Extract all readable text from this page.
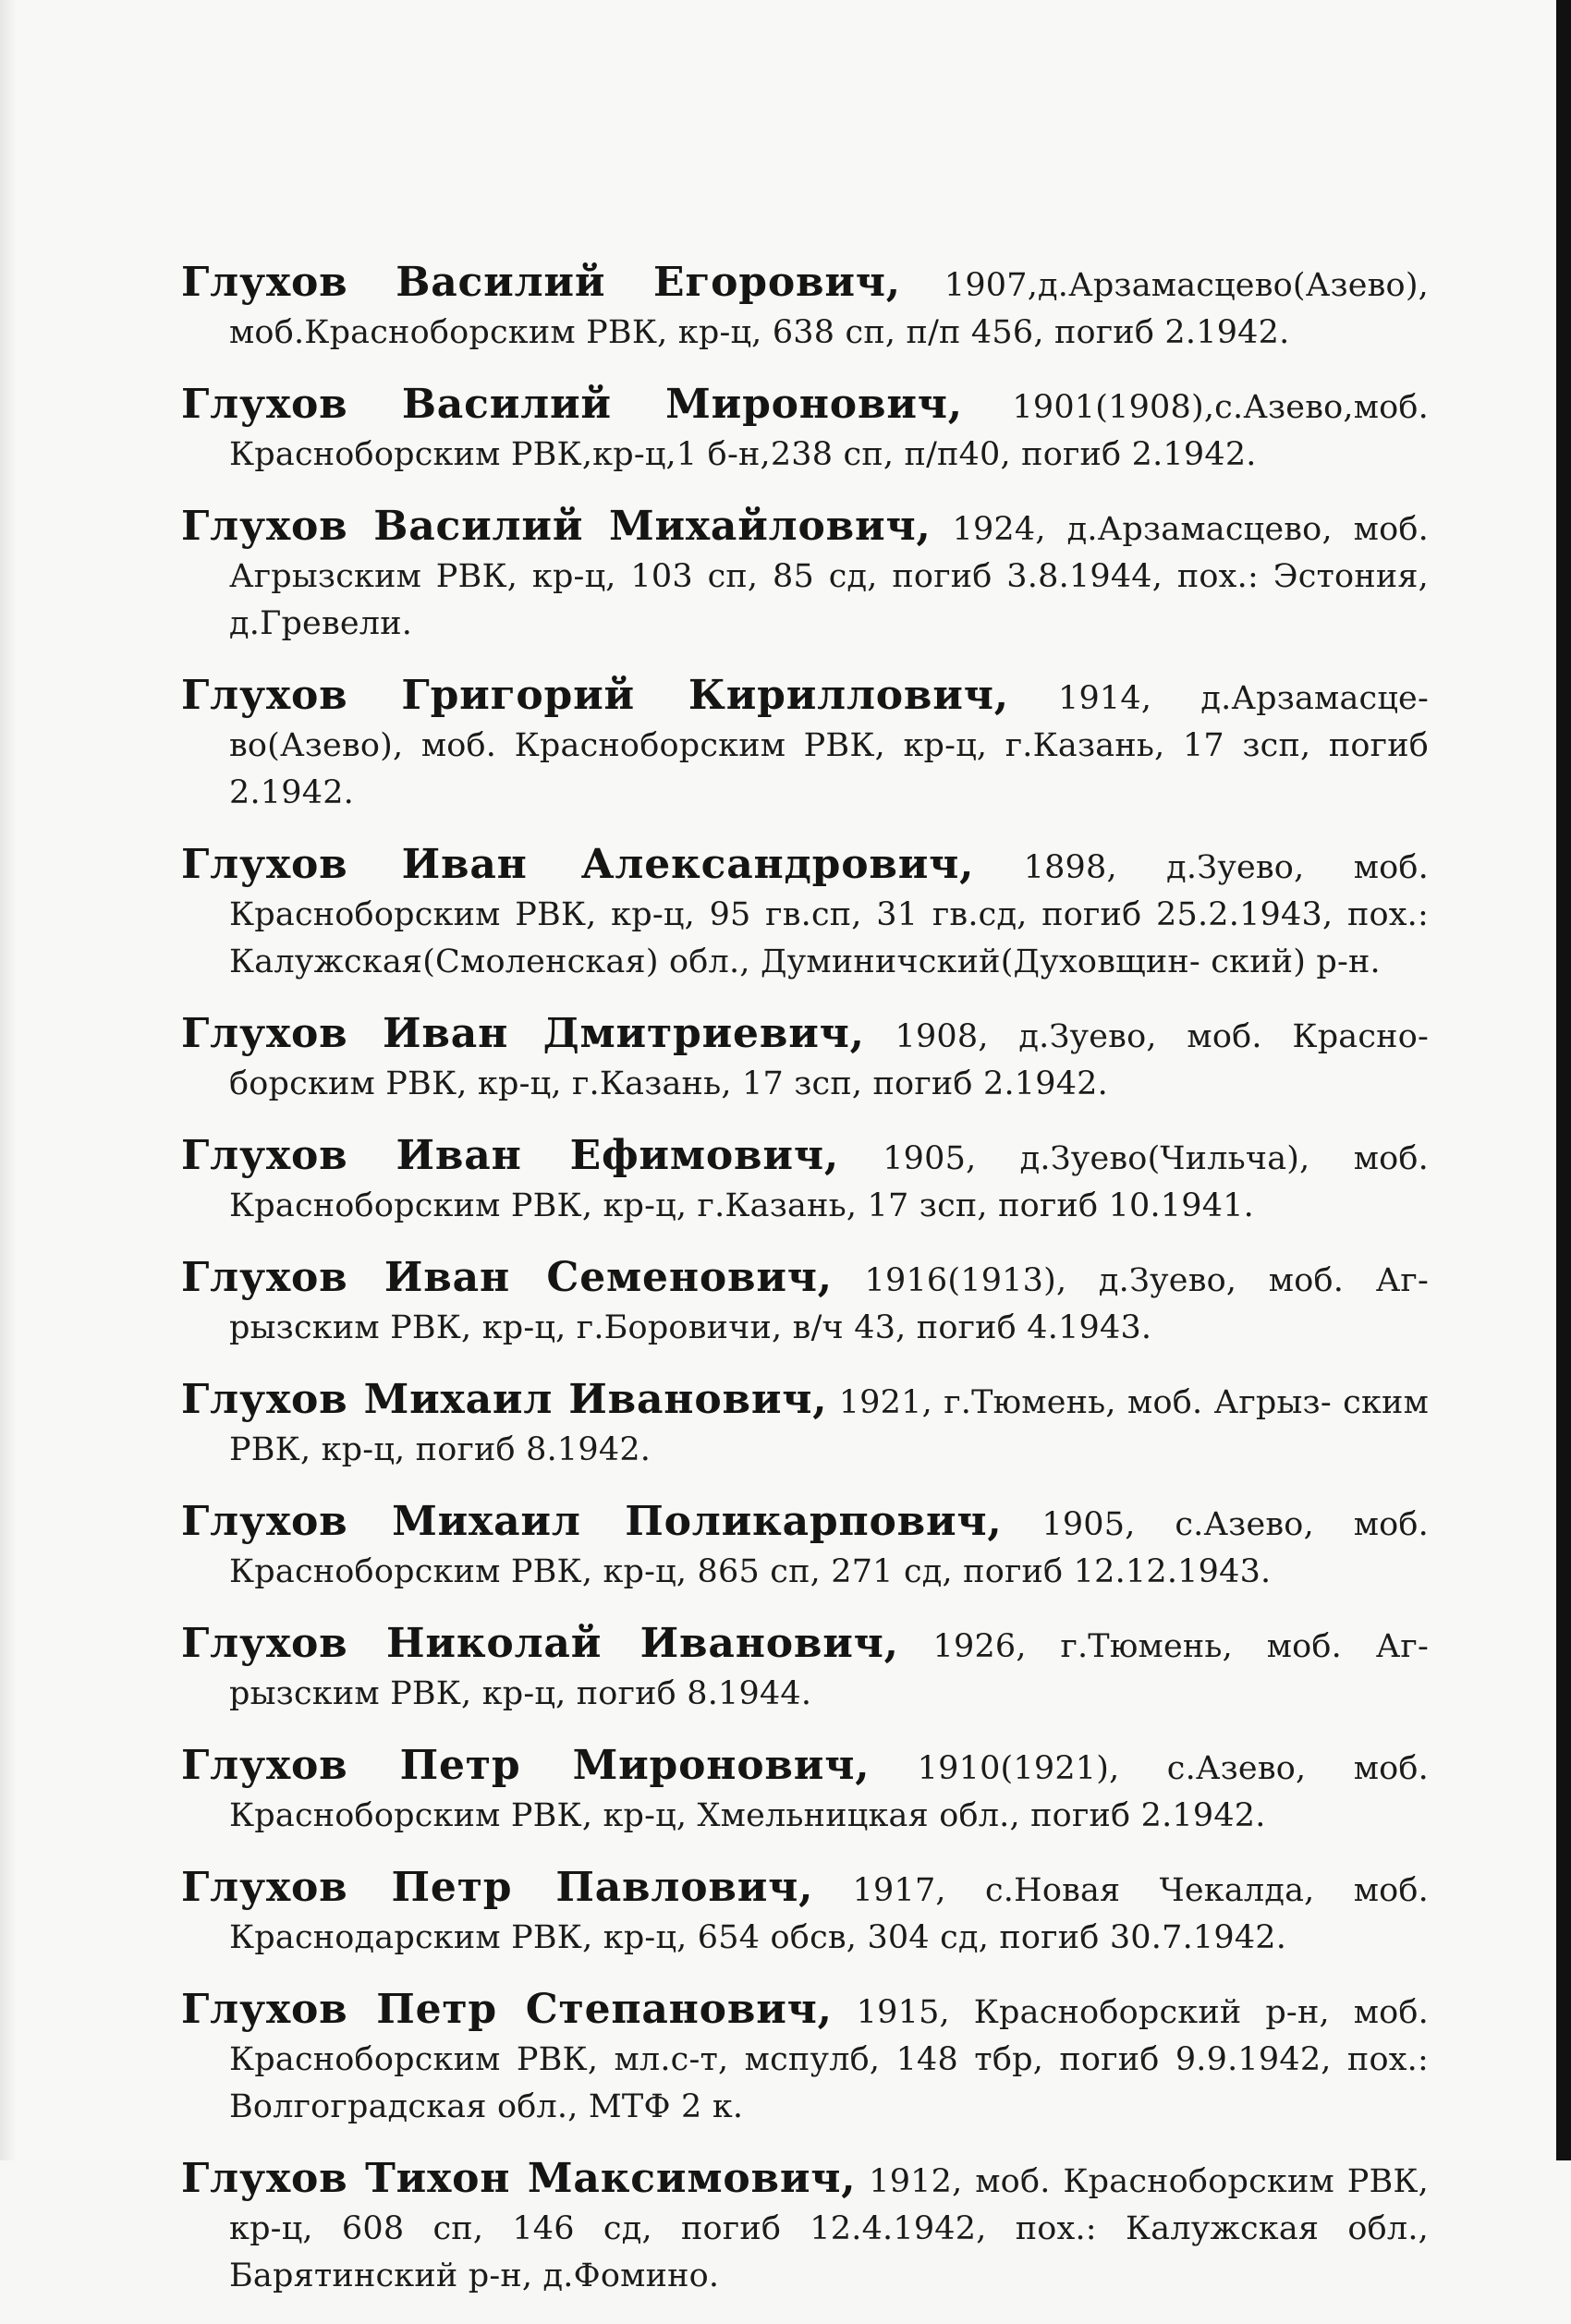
Глухов Василий Егорович, 1907,д.Арзамасцево(Азево), моб.Красноборским РВК, кр-ц, 638 сп, п/п 456, погиб 2.1942.

Глухов Василий Миронович, 1901(1908),с.Азево,моб. Красноборским РВК,кр-ц,1 б-н,238 сп, п/п40, погиб 2.1942.

Глухов Василий Михайлович, 1924, д.Арзамасцево, моб. Агрызским РВК, кр-ц, 103 сп, 85 сд, погиб 3.8.1944, пох.: Эстония, д.Гревели.

Глухов Григорий Кириллович, 1914, д.Арзамасце- во(Азево), моб. Красноборским РВК, кр-ц, г.Казань, 17 зсп, погиб 2.1942.

Глухов Иван Александрович, 1898, д.Зуево, моб. Красноборским РВК, кр-ц, 95 гв.сп, 31 гв.сд, погиб 25.2.1943, пох.: Калужская(Смоленская) обл., Думиничский(Духовщин- ский) р-н.

Глухов Иван Дмитриевич, 1908, д.Зуево, моб. Красно- борским РВК, кр-ц, г.Казань, 17 зсп, погиб 2.1942.

Глухов Иван Ефимович, 1905, д.Зуево(Чильча), моб. Красноборским РВК, кр-ц, г.Казань, 17 зсп, погиб 10.1941.

Глухов Иван Семенович, 1916(1913), д.Зуево, моб. Аг- рызским РВК, кр-ц, г.Боровичи, в/ч 43, погиб 4.1943.

Глухов Михаил Иванович, 1921, г.Тюмень, моб. Агрыз- ским РВК, кр-ц, погиб 8.1942.

Глухов Михаил Поликарпович, 1905, с.Азево, моб. Красноборским РВК, кр-ц, 865 сп, 271 сд, погиб 12.12.1943.

Глухов Николай Иванович, 1926, г.Тюмень, моб. Аг- рызским РВК, кр-ц, погиб 8.1944.

Глухов Петр Миронович, 1910(1921), с.Азево, моб. Красноборским РВК, кр-ц, Хмельницкая обл., погиб 2.1942.

Глухов Петр Павлович, 1917, с.Новая Чекалда, моб. Краснодарским РВК, кр-ц, 654 обсв, 304 сд, погиб 30.7.1942.

Глухов Петр Степанович, 1915, Красноборский р-н, моб. Красноборским РВК, мл.с-т, мспулб, 148 тбр, погиб 9.9.1942, пох.: Волгоградская обл., МТФ 2 к.

Глухов Тихон Максимович, 1912, моб. Красноборским РВК, кр-ц, 608 сп, 146 сд, погиб 12.4.1942, пох.: Калужская обл., Барятинский р-н, д.Фомино.
